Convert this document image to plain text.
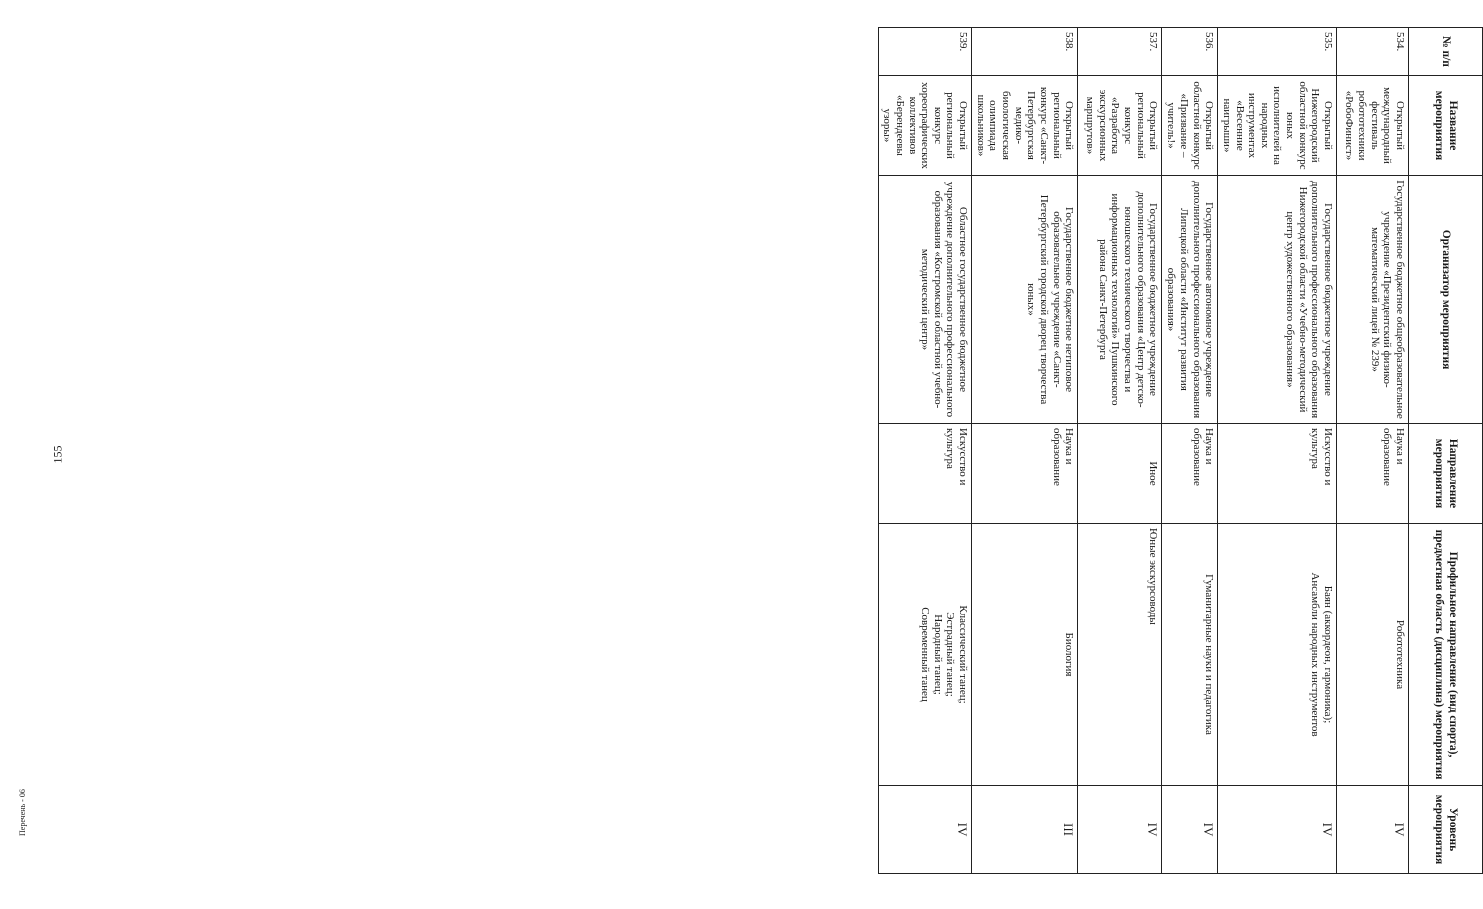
155
Перечень - 06
№ п/п	Название мероприятия	Организатор мероприятия	Направление мероприятия	Профильное направление (вид спорта), предметная область (дисциплина) мероприятия	Уровень мероприятия
534.	Открытый международный фестиваль робототехники «РобоФинист»	Государственное бюджетное общеобразовательное учреждение «Президентский физико-математический лицей № 239»	Наука и образование	Робототехника	IV
535.	Открытый Нижегородский областной конкурс юных исполнителей на народных инструментах «Весенние наигрыши»	Государственное бюджетное учреждение дополнительного профессионального образования Нижегородской области «Учебно-методический центр художественного образования»	Искусство и культура	Баян (аккордеон, гармоника);
Ансамбли народных инструментов	IV
536.	Открытый областной конкурс «Призвание – учитель!»	Государственное автономное учреждение дополнительного профессионального образования Липецкой области «Институт развития образования»	Наука и образование	Гуманитарные науки и педагогика	IV
537.	Открытый региональный конкурс «Разработка экскурсионных маршрутов»	Государственное бюджетное учреждение дополнительного образования «Центр детско-юношеского технического творчества и информационных технологий» Пушкинского района Санкт-Петербурга	Иное	Юные экскурсоводы	IV
538.	Открытый региональный конкурс «Санкт-Петербургская медико-биологическая олимпиада школьников»	Государственное бюджетное нетиповое образовательное учреждение «Санкт-Петербургский городской дворец творчества юных»	Наука и образование	Биология	III
539.	Открытый региональный конкурс хореографических коллективов «Берендеевы узоры»	Областное государственное бюджетное учреждение дополнительного профессионального образования «Костромской областной учебно-методический центр»	Искусство и культура	Классический танец;
Эстрадный танец;
Народный танец;
Современный танец	IV
